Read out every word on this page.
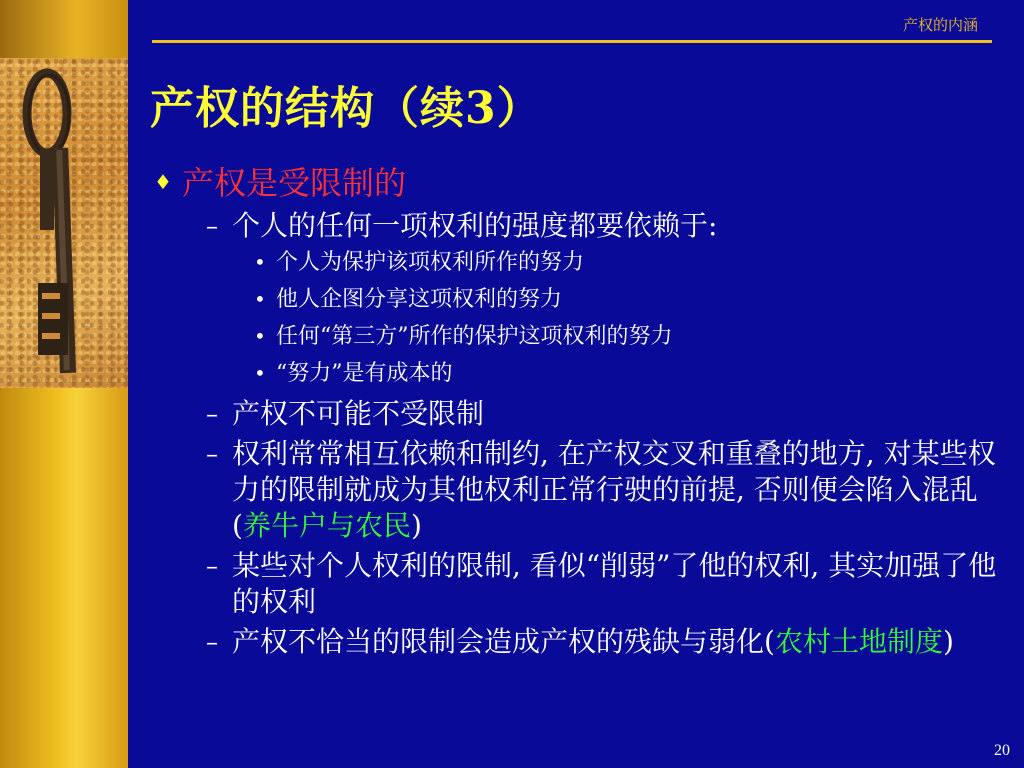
产权的内涵
产权的结构（续3）
♦ 产权是受限制的
– 个人的任何一项权利的强度都要依赖于:
• 个人为保护该项权利所作的努力
• 他人企图分享这项权利的努力
• 任何“第三方”所作的保护这项权利的努力
• “努力”是有成本的
– 产权不可能不受限制
– 权利常常相互依赖和制约, 在产权交叉和重叠的地方, 对某些权力的限制就成为其他权利正常行驶的前提, 否则便会陷入混乱(养牛户与农民)
– 某些对个人权利的限制, 看似“削弱”了他的权利, 其实加强了他的权利
– 产权不恰当的限制会造成产权的残缺与弱化(农村土地制度)
20
